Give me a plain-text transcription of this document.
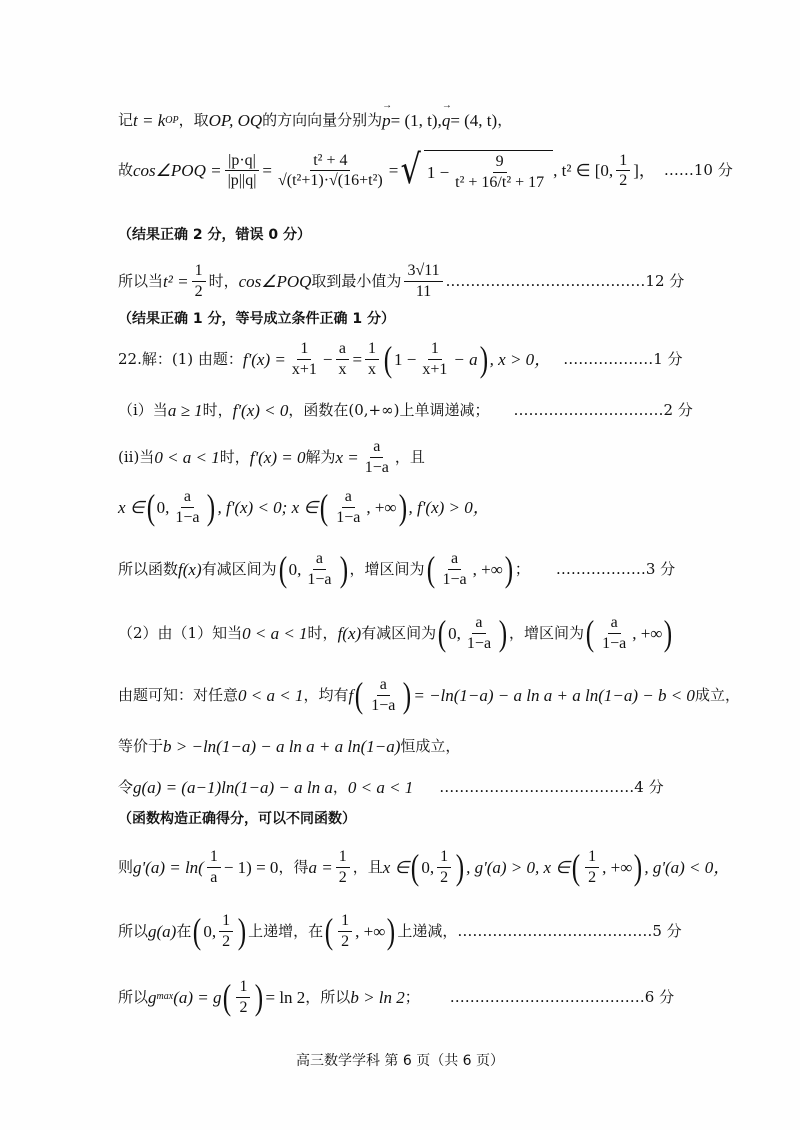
记 t = k OP ，取 OP, OQ 的方向向量分别为 → p = (1, t), → q = (4, t) ，
故 cos∠POQ = $\frac{|p\cdot q|}{|p||q|} = \frac{\text{t² + 4}}{\text{√(t²+1)·√(16+t²)}}$ = √ $1 - \frac{9}{\text{t² + 16/t² + 17}}$ , t² ∈ [0, $\frac{1}{2}$ ]， ……10 分
（结果正确 2 分，错误 0 分）
所以当 $t^2 = \frac{1}{2}$ 时， cos∠POQ 取到最小值为 $\frac{3√11}{11}$ . …………………………………12 分
（结果正确 1 分，等号成立条件正确 1 分）
22.解：(1) 由题： $f'(x) = \frac{1}{x+1} - \frac{a}{x} = \frac{1}{x}$ ( $1 - \frac{1}{x+1} - a$ ) , x > 0， ………………1 分
（i）当 a ≥ 1 时， f'(x) < 0 ，函数在(0,+∞)上单调递减； …………………………2 分
(ii)当 0 < a < 1 时， f'(x) = 0 解为 $x = \frac{a}{1-a}$ ，且
x ∈ ( 0, $\frac{a}{1-a}$ ) , f'(x) < 0; x ∈ ( $\frac{a}{1-a}$ , +∞ ) , f'(x) > 0，
所以函数 f(x) 有减区间为 ( 0, $\frac{a}{1-a}$ ) ，增区间为 ( $\frac{a}{1-a}$ , +∞ ) ； ………………3 分
（2）由（1）知当 0 < a < 1 时， f(x) 有减区间为 ( 0, $\frac{a}{1-a}$ ) ，增区间为 ( $\frac{a}{1-a}$ , +∞ )
由题可知：对任意 0 < a < 1 ，均有 f ( $\frac{a}{1-a}$ ) = −ln(1−a) − a ln a + a ln(1−a) − b < 0 成立，
等价于 b > −ln(1−a) − a ln a + a ln(1−a) 恒成立，
令 g(a) = (a−1)ln(1−a) − a ln a ， 0 < a < 1 …………………………………4 分
（函数构造正确得分，可以不同函数）
则 $g'(a) = \ln( \frac{1}{a} - 1) = 0$ ，得 $a = \frac{1}{2}$ ，且 x ∈ ( 0, $\frac{1}{2}$ ) , g'(a) > 0, x ∈ ( $\frac{1}{2}$ , +∞ ) , g'(a) < 0，
所以 g(a) 在 ( 0, $\frac{1}{2}$ ) 上递增，在 ( $\frac{1}{2}$ , +∞ ) 上递减， …………………………………5 分
所以 g max (a) = g ( $\frac{1}{2}$ ) = ln 2 ，所以 b > ln 2 ； …………………………………6 分
高三数学学科 第 6 页（共 6 页）
